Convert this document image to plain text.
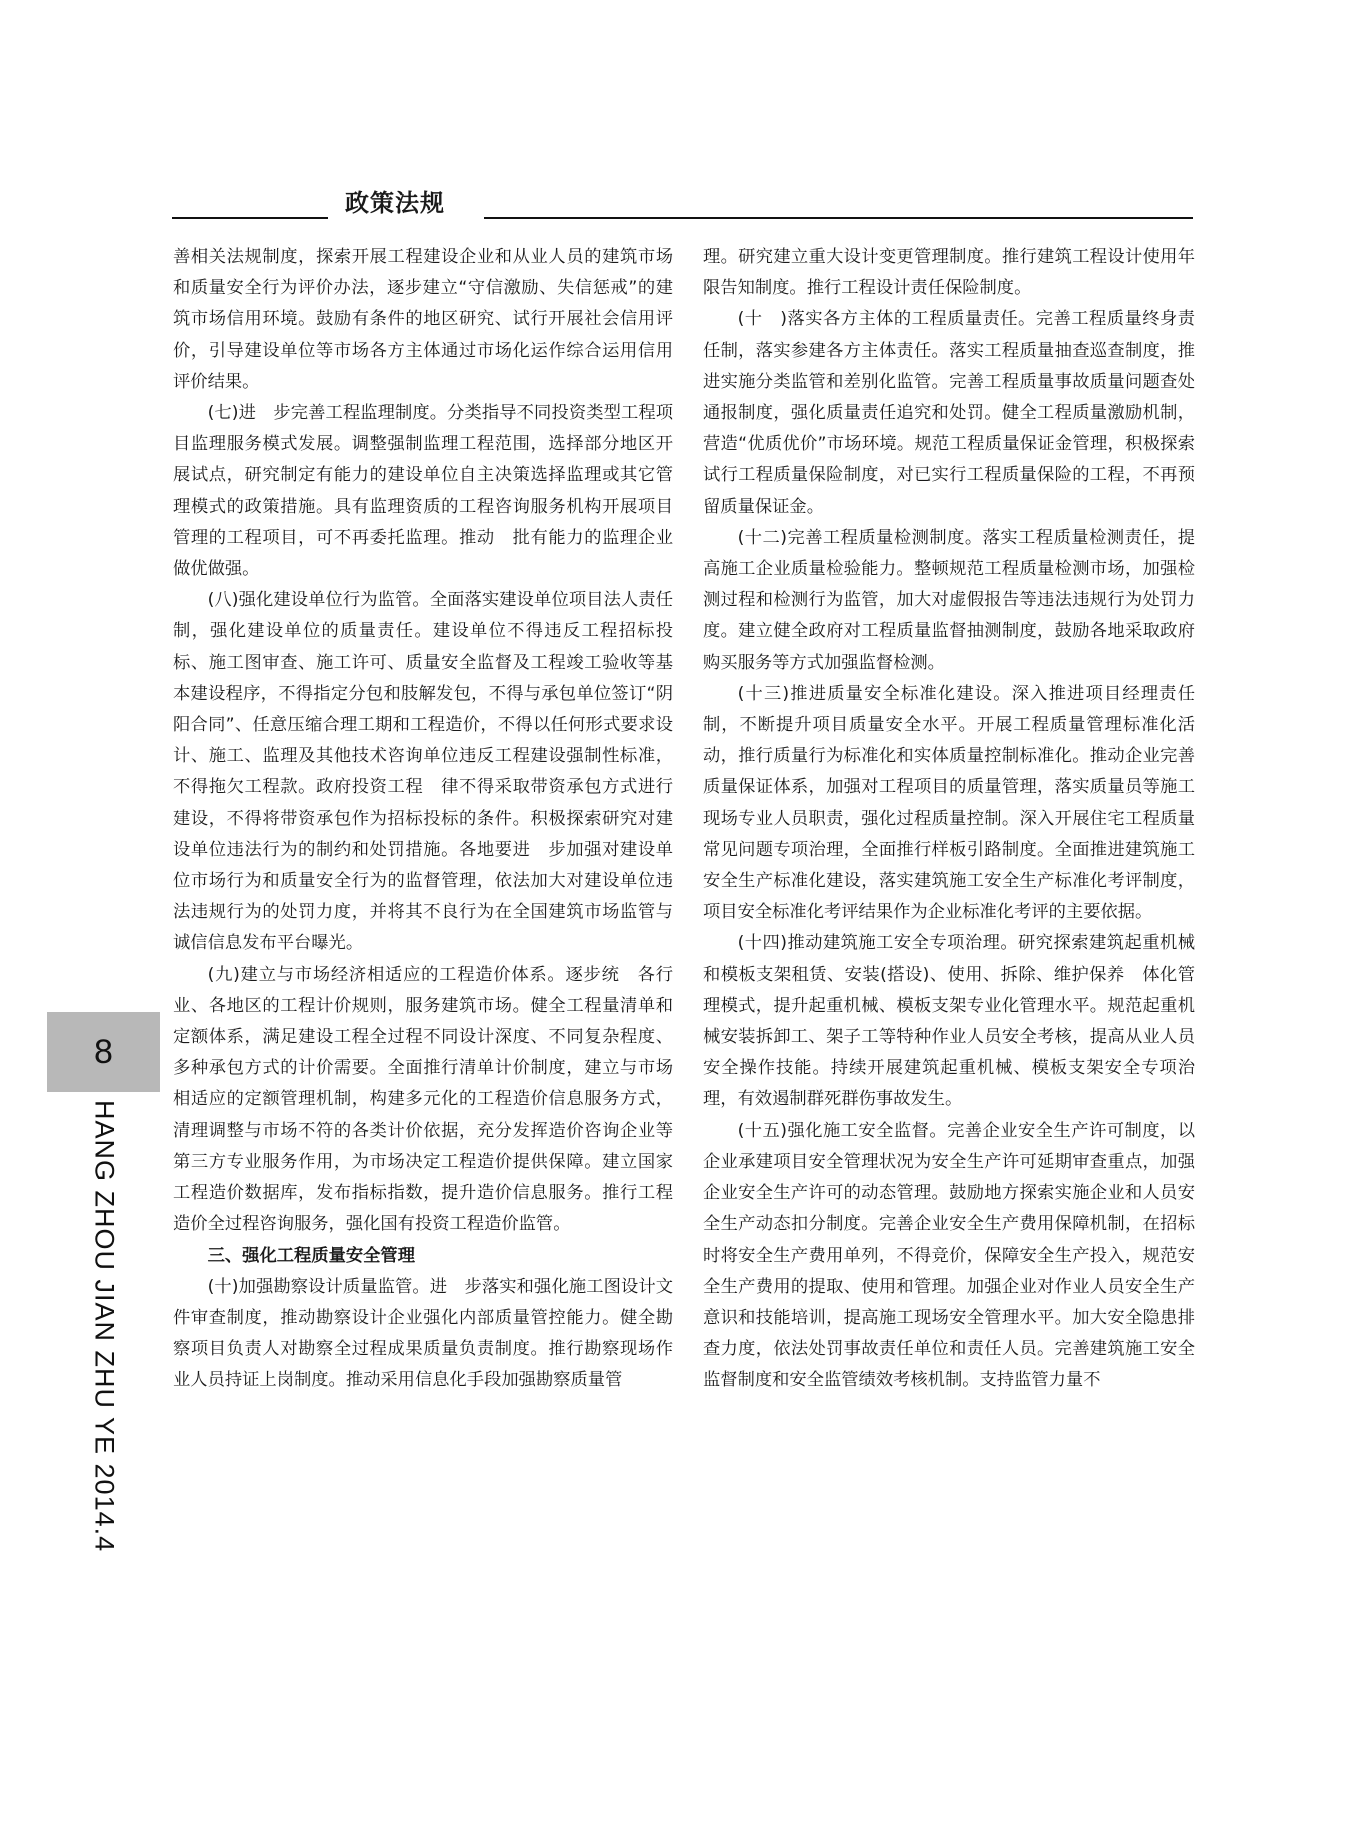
政策法规

善相关法规制度，探索开展工程建设企业和从业人员的建筑市场和质量安全行为评价办法，逐步建立“守信激励、失信惩戒”的建筑市场信用环境。鼓励有条件的地区研究、试行开展社会信用评价，引导建设单位等市场各方主体通过市场化运作综合运用信用评价结果。

(七)进　步完善工程监理制度。分类指导不同投资类型工程项目监理服务模式发展。调整强制监理工程范围，选择部分地区开展试点，研究制定有能力的建设单位自主决策选择监理或其它管理模式的政策措施。具有监理资质的工程咨询服务机构开展项目管理的工程项目，可不再委托监理。推动　批有能力的监理企业做优做强。

(八)强化建设单位行为监管。全面落实建设单位项目法人责任制，强化建设单位的质量责任。建设单位不得违反工程招标投标、施工图审查、施工许可、质量安全监督及工程竣工验收等基本建设程序，不得指定分包和肢解发包，不得与承包单位签订“阴阳合同”、任意压缩合理工期和工程造价，不得以任何形式要求设计、施工、监理及其他技术咨询单位违反工程建设强制性标准，不得拖欠工程款。政府投资工程　律不得采取带资承包方式进行建设，不得将带资承包作为招标投标的条件。积极探索研究对建设单位违法行为的制约和处罚措施。各地要进　步加强对建设单位市场行为和质量安全行为的监督管理，依法加大对建设单位违法违规行为的处罚力度，并将其不良行为在全国建筑市场监管与诚信信息发布平台曝光。

(九)建立与市场经济相适应的工程造价体系。逐步统　各行业、各地区的工程计价规则，服务建筑市场。健全工程量清单和定额体系，满足建设工程全过程不同设计深度、不同复杂程度、多种承包方式的计价需要。全面推行清单计价制度，建立与市场相适应的定额管理机制，构建多元化的工程造价信息服务方式，清理调整与市场不符的各类计价依据，充分发挥造价咨询企业等第三方专业服务作用，为市场决定工程造价提供保障。建立国家工程造价数据库，发布指标指数，提升造价信息服务。推行工程造价全过程咨询服务，强化国有投资工程造价监管。

三、强化工程质量安全管理

(十)加强勘察设计质量监管。进　步落实和强化施工图设计文件审查制度，推动勘察设计企业强化内部质量管控能力。健全勘察项目负责人对勘察全过程成果质量负责制度。推行勘察现场作业人员持证上岗制度。推动采用信息化手段加强勘察质量管

理。研究建立重大设计变更管理制度。推行建筑工程设计使用年限告知制度。推行工程设计责任保险制度。

(十　)落实各方主体的工程质量责任。完善工程质量终身责任制，落实参建各方主体责任。落实工程质量抽查巡查制度，推进实施分类监管和差别化监管。完善工程质量事故质量问题查处通报制度，强化质量责任追究和处罚。健全工程质量激励机制，营造“优质优价”市场环境。规范工程质量保证金管理，积极探索试行工程质量保险制度，对已实行工程质量保险的工程，不再预留质量保证金。

(十二)完善工程质量检测制度。落实工程质量检测责任，提高施工企业质量检验能力。整顿规范工程质量检测市场，加强检测过程和检测行为监管，加大对虚假报告等违法违规行为处罚力度。建立健全政府对工程质量监督抽测制度，鼓励各地采取政府购买服务等方式加强监督检测。

(十三)推进质量安全标准化建设。深入推进项目经理责任制，不断提升项目质量安全水平。开展工程质量管理标准化活动，推行质量行为标准化和实体质量控制标准化。推动企业完善质量保证体系，加强对工程项目的质量管理，落实质量员等施工现场专业人员职责，强化过程质量控制。深入开展住宅工程质量常见问题专项治理，全面推行样板引路制度。全面推进建筑施工安全生产标准化建设，落实建筑施工安全生产标准化考评制度，项目安全标准化考评结果作为企业标准化考评的主要依据。

(十四)推动建筑施工安全专项治理。研究探索建筑起重机械和模板支架租赁、安装(搭设)、使用、拆除、维护保养　体化管理模式，提升起重机械、模板支架专业化管理水平。规范起重机械安装拆卸工、架子工等特种作业人员安全考核，提高从业人员安全操作技能。持续开展建筑起重机械、模板支架安全专项治理，有效遏制群死群伤事故发生。

(十五)强化施工安全监督。完善企业安全生产许可制度，以企业承建项目安全管理状况为安全生产许可延期审查重点，加强企业安全生产许可的动态管理。鼓励地方探索实施企业和人员安全生产动态扣分制度。完善企业安全生产费用保障机制，在招标时将安全生产费用单列，不得竞价，保障安全生产投入，规范安全生产费用的提取、使用和管理。加强企业对作业人员安全生产意识和技能培训，提高施工现场安全管理水平。加大安全隐患排查力度，依法处罚事故责任单位和责任人员。完善建筑施工安全监督制度和安全监管绩效考核机制。支持监管力量不

8
HANG ZHOU JIAN ZHU YE 2014.4
